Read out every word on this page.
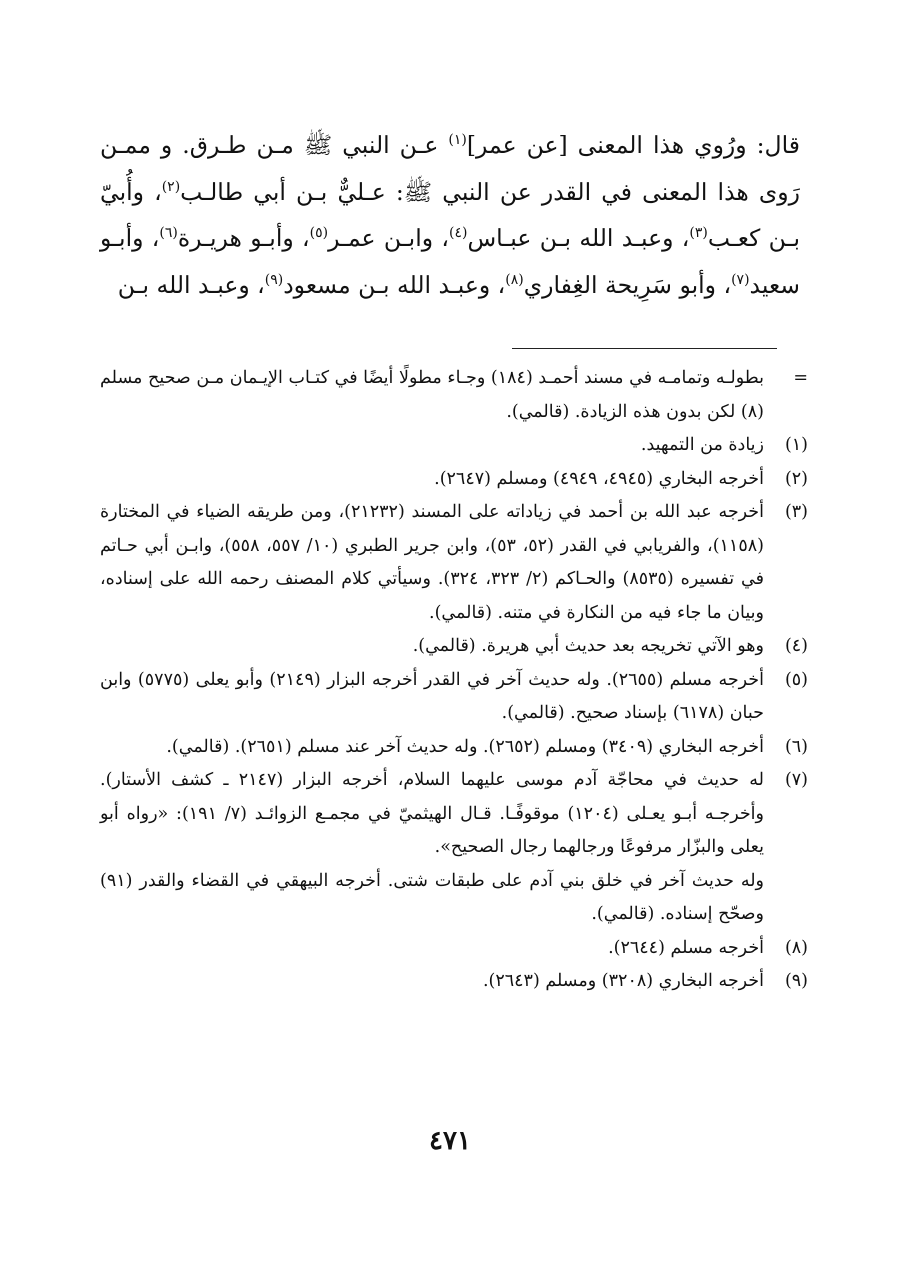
قال: ورُوي هذا المعنى [عن عمر]$^{(١)}$ عـن النبي ﷺ مـن طـرق. و ممـن رَوى هذا المعنى في القدر عن النبي ﷺ: عـليٌّ بـن أبي طالـب$^{(٢)}$، وأُبيّ بـن كعـب$^{(٣)}$، وعبـد الله بـن عبـاس$^{(٤)}$، وابـن عمـر$^{(٥)}$، وأبـو هريـرة$^{(٦)}$، وأبـو سعيد$^{(٧)}$، وأبو سَرِيحة الغِفاري$^{(٨)}$، وعبـد الله بـن مسعود$^{(٩)}$، وعبـد الله بـن
=
بطولـه وتمامـه في مسند أحمـد (١٨٤) وجـاء مطولًا أيضًا في كتـاب الإيـمان مـن صحيح مسلم (٨) لكن بدون هذه الزيادة. (قالمي).
(١)
زيادة من التمهيد.
(٢)
أخرجه البخاري (٤٩٤٥، ٤٩٤٩) ومسلم (٢٦٤٧).
(٣)
أخرجه عبد الله بن أحمد في زياداته على المسند (٢١٢٣٢)، ومن طريقه الضياء في المختارة (١١٥٨)، والفريابي في القدر (٥٢، ٥٣)، وابن جرير الطبري (١٠/ ٥٥٧، ٥٥٨)، وابـن أبي حـاتم في تفسيره (٨٥٣٥) والحـاكم (٢/ ٣٢٣، ٣٢٤). وسيأتي كلام المصنف رحمه الله على إسناده، وبيان ما جاء فيه من النكارة في متنه. (قالمي).
(٤)
وهو الآتي تخريجه بعد حديث أبي هريرة. (قالمي).
(٥)
أخرجه مسلم (٢٦٥٥). وله حديث آخر في القدر أخرجه البزار (٢١٤٩) وأبو يعلى (٥٧٧٥) وابن حبان (٦١٧٨) بإسناد صحيح. (قالمي).
(٦)
أخرجه البخاري (٣٤٠٩) ومسلم (٢٦٥٢). وله حديث آخر عند مسلم (٢٦٥١). (قالمي).
(٧)
له حديث في محاجّة آدم موسى عليهما السلام، أخرجه البزار (٢١٤٧ ـ كشف الأستار). وأخرجـه أبـو يعـلى (١٢٠٤) موقوفًـا. قـال الهيثميّ في مجمـع الزوائـد (٧/ ١٩١): «رواه أبو يعلى والبزّار مرفوعًا ورجالهما رجال الصحيح».
وله حديث آخر في خلق بني آدم على طبقات شتى. أخرجه البيهقي في القضاء والقدر (٩١) وصحّح إسناده. (قالمي).
(٨)
أخرجه مسلم (٢٦٤٤).
(٩)
أخرجه البخاري (٣٢٠٨) ومسلم (٢٦٤٣).
٤٧١
